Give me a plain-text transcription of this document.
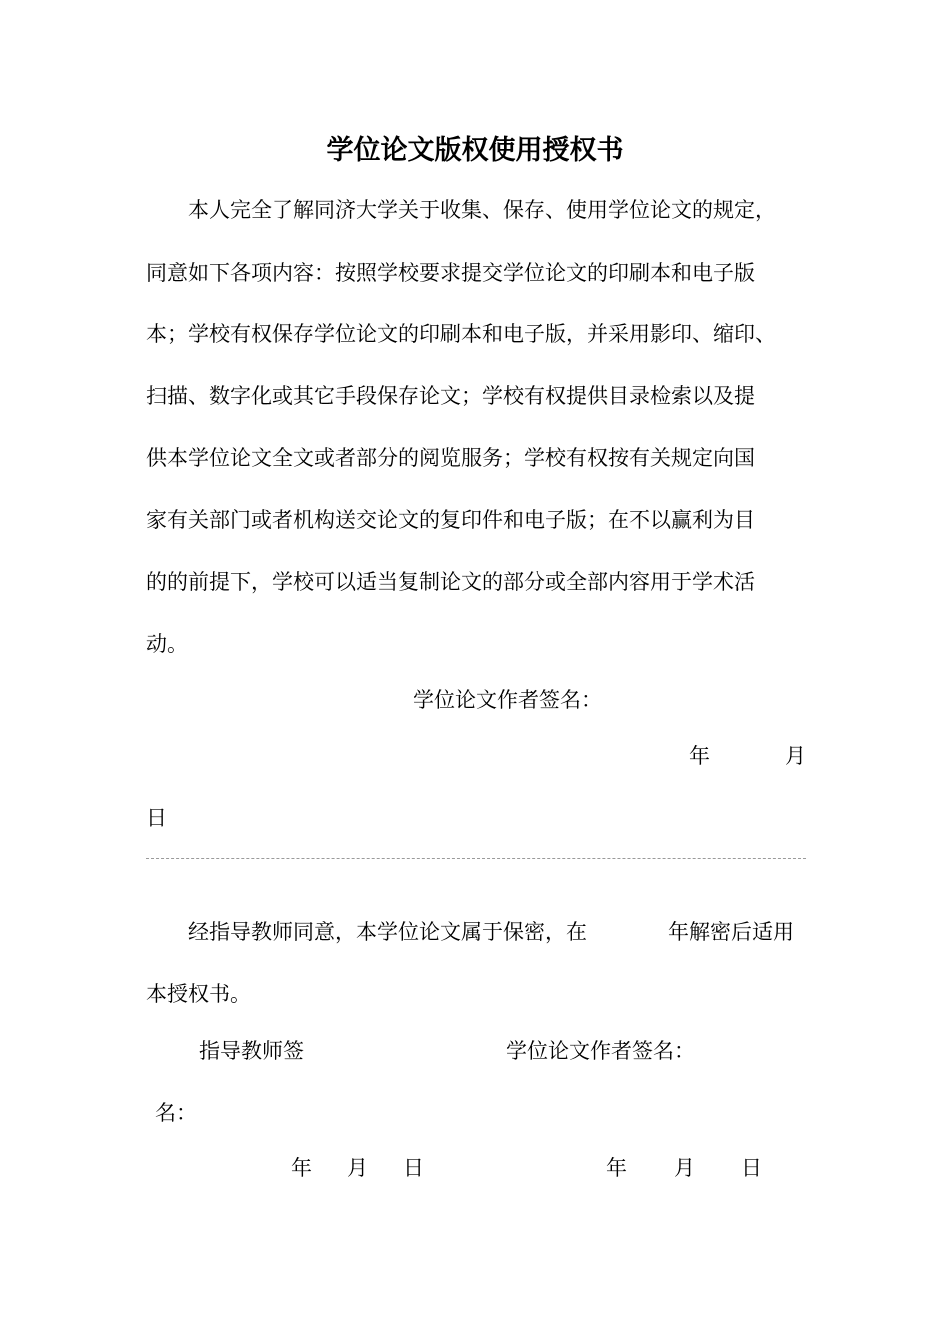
学位论文版权使用授权书
本人完全了解同济大学关于收集、保存、使用学位论文的规定，
同意如下各项内容：按照学校要求提交学位论文的印刷本和电子版
本；学校有权保存学位论文的印刷本和电子版，并采用影印、缩印、
扫描、数字化或其它手段保存论文；学校有权提供目录检索以及提
供本学位论文全文或者部分的阅览服务；学校有权按有关规定向国
家有关部门或者机构送交论文的复印件和电子版；在不以赢利为目
的的前提下，学校可以适当复制论文的部分或全部内容用于学术活
动。
学位论文作者签名：
年	月
日
经指导教师同意，本学位论文属于保密，在	年解密后适用
本授权书。
指导教师签	学位论文作者签名：
名：
年 月 日	年 月 日
